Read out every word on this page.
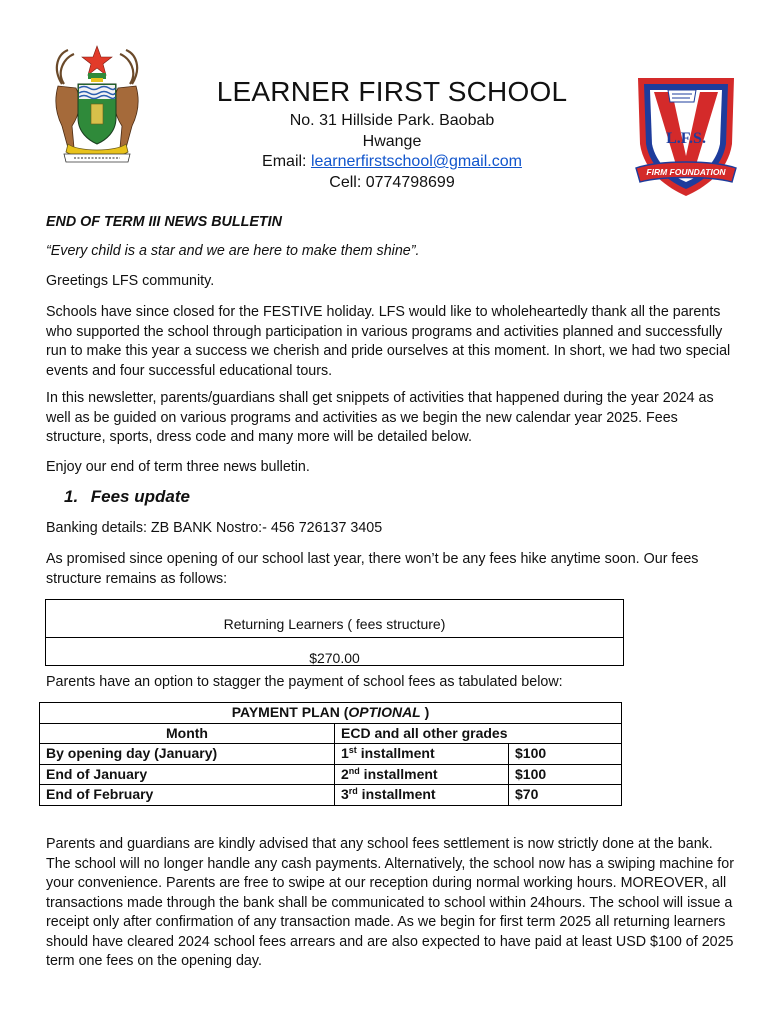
LEARNER FIRST SCHOOL
No. 31 Hillside Park. Baobab
Hwange
Email: learnerfirstschool@gmail.com
Cell: 0774798699
L.F.S.
FIRM FOUNDATION

END OF TERM III NEWS BULLETIN

“Every child is a star and we are here to make them shine”.

Greetings LFS community.

Schools have since closed for the FESTIVE holiday. LFS would like to wholeheartedly thank all the parents who supported the school through participation in various programs and activities planned and successfully run to make this year a success we cherish and pride ourselves at this moment. In short, we had two special events and four successful educational tours.

In this newsletter, parents/guardians shall get snippets of activities that happened during the year 2024 as well as be guided on various programs and activities as we begin the new calendar year 2025. Fees structure, sports, dress code and many more will be detailed below.

Enjoy our end of term three news bulletin.

1. Fees update

Banking details: ZB BANK Nostro:- 456 726137 3405

As promised since opening of our school last year, there won’t be any fees hike anytime soon. Our fees structure remains as follows:

Returning Learners ( fees structure)
$270.00

Parents have an option to stagger the payment of school fees as tabulated below:

PAYMENT PLAN (OPTIONAL )		
Month	ECD and all other grades	
By opening day (January)	1st installment	$100
End of January	2nd installment	$100
End of February	3rd installment	$70

Parents and guardians are kindly advised that any school fees settlement is now strictly done at the bank. The school will no longer handle any cash payments. Alternatively, the school now has a swiping machine for your convenience. Parents are free to swipe at our reception during normal working hours. MOREOVER, all transactions made through the bank shall be communicated to school within 24hours. The school will issue a receipt only after confirmation of any transaction made. As we begin for first term 2025 all returning learners should have cleared 2024 school fees arrears and are also expected to have paid at least USD $100 of 2025 term one fees on the opening day.
